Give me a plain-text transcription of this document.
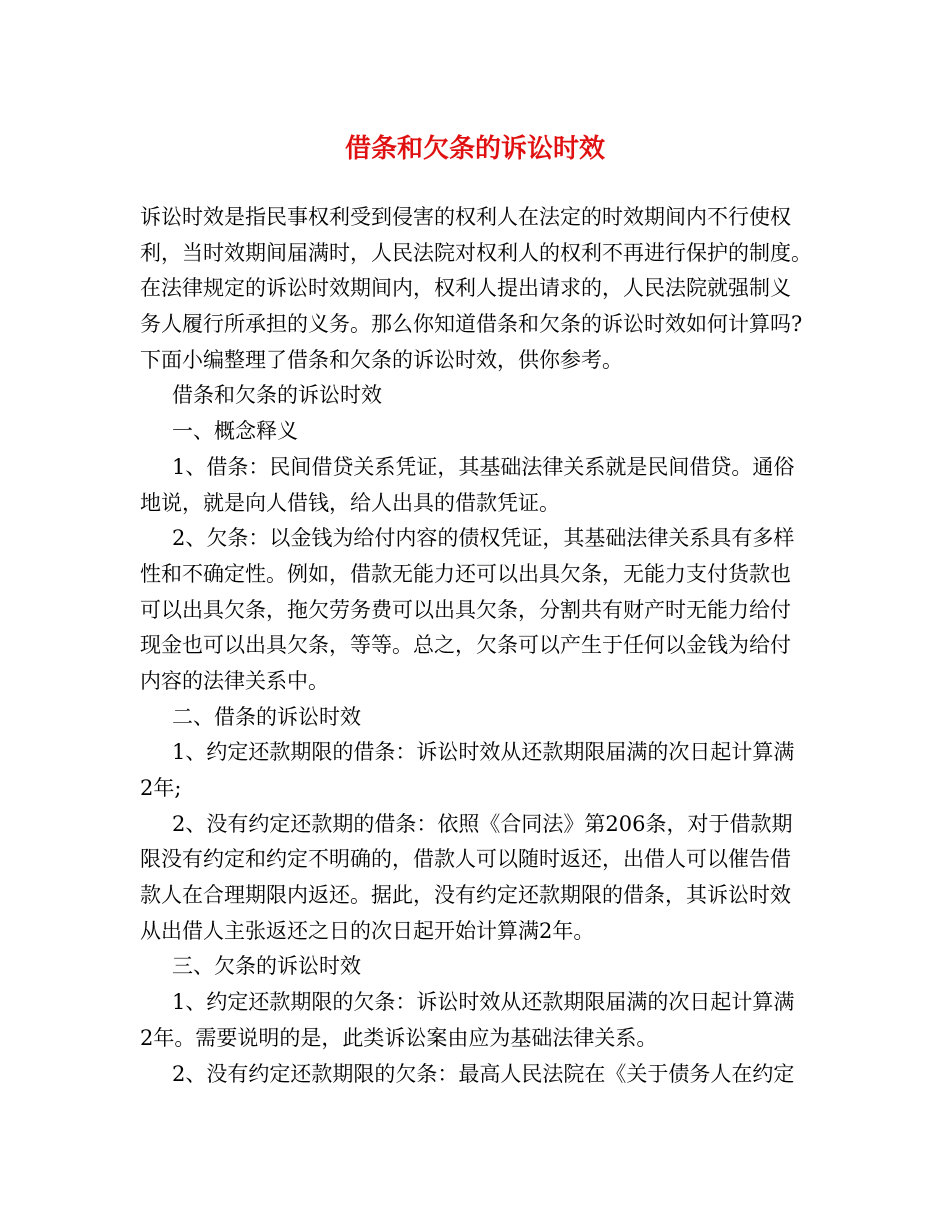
借条和欠条的诉讼时效
诉讼时效是指民事权利受到侵害的权利人在法定的时效期间内不行使权
利，当时效期间届满时，人民法院对权利人的权利不再进行保护的制度。
在法律规定的诉讼时效期间内，权利人提出请求的，人民法院就强制义
务人履行所承担的义务。那么你知道借条和欠条的诉讼时效如何计算吗?
下面小编整理了借条和欠条的诉讼时效，供你参考。
借条和欠条的诉讼时效
一、概念释义
1、借条：民间借贷关系凭证，其基础法律关系就是民间借贷。通俗
地说，就是向人借钱，给人出具的借款凭证。
2、欠条：以金钱为给付内容的债权凭证，其基础法律关系具有多样
性和不确定性。例如，借款无能力还可以出具欠条，无能力支付货款也
可以出具欠条，拖欠劳务费可以出具欠条，分割共有财产时无能力给付
现金也可以出具欠条，等等。总之，欠条可以产生于任何以金钱为给付
内容的法律关系中。
二、借条的诉讼时效
1、约定还款期限的借条：诉讼时效从还款期限届满的次日起计算满
2年;
2、没有约定还款期的借条：依照《合同法》第206条，对于借款期
限没有约定和约定不明确的，借款人可以随时返还，出借人可以催告借
款人在合理期限内返还。据此，没有约定还款期限的借条，其诉讼时效
从出借人主张返还之日的次日起开始计算满2年。
三、欠条的诉讼时效
1、约定还款期限的欠条：诉讼时效从还款期限届满的次日起计算满
2年。需要说明的是，此类诉讼案由应为基础法律关系。
2、没有约定还款期限的欠条：最高人民法院在《关于债务人在约定
